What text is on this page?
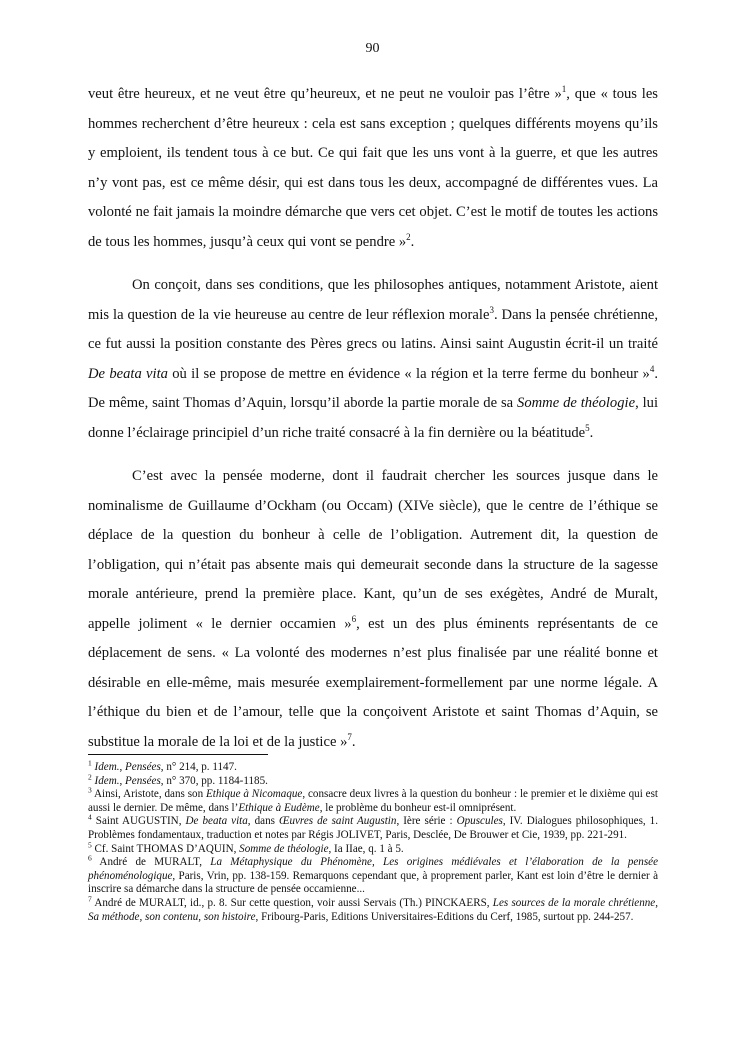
90

veut être heureux, et ne veut être qu’heureux, et ne peut ne vouloir pas l’être »$^1$, que « tous les hommes recherchent d’être heureux : cela est sans exception ; quelques différents moyens qu’ils y emploient, ils tendent tous à ce but. Ce qui fait que les uns vont à la guerre, et que les autres n’y vont pas, est ce même désir, qui est dans tous les deux, accompagné de différentes vues. La volonté ne fait jamais la moindre démarche que vers cet objet. C’est le motif de toutes les actions de tous les hommes, jusqu’à ceux qui vont se pendre »$^2$.

On conçoit, dans ses conditions, que les philosophes antiques, notamment Aristote, aient mis la question de la vie heureuse au centre de leur réflexion morale$^3$. Dans la pensée chrétienne, ce fut aussi la position constante des Pères grecs ou latins. Ainsi saint Augustin écrit-il un traité De beata vita où il se propose de mettre en évidence « la région et la terre ferme du bonheur »$^4$. De même, saint Thomas d’Aquin, lorsqu’il aborde la partie morale de sa Somme de théologie, lui donne l’éclairage principiel d’un riche traité consacré à la fin dernière ou la béatitude$^5$.

C’est avec la pensée moderne, dont il faudrait chercher les sources jusque dans le nominalisme de Guillaume d’Ockham (ou Occam) (XIVe siècle), que le centre de l’éthique se déplace de la question du bonheur à celle de l’obligation. Autrement dit, la question de l’obligation, qui n’était pas absente mais qui demeurait seconde dans la structure de la sagesse morale antérieure, prend la première place. Kant, qu’un de ses exégètes, André de Muralt, appelle joliment « le dernier occamien »$^6$, est un des plus éminents représentants de ce déplacement de sens. « La volonté des modernes n’est plus finalisée par une réalité bonne et désirable en elle-même, mais mesurée exemplairement-formellement par une norme légale. A l’éthique du bien et de l’amour, telle que la conçoivent Aristote et saint Thomas d’Aquin, se substitue la morale de la loi et de la justice »$^7$.

$^1$ Idem., Pensées, n° 214, p. 1147.

$^2$ Idem., Pensées, n° 370, pp. 1184-1185.

$^3$ Ainsi, Aristote, dans son Ethique à Nicomaque, consacre deux livres à la question du bonheur : le premier et le dixième qui est aussi le dernier. De même, dans l’Ethique à Eudème, le problème du bonheur est-il omniprésent.

$^4$ Saint AUGUSTIN, De beata vita, dans Œuvres de saint Augustin, Ière série : Opuscules, IV. Dialogues philosophiques, 1. Problèmes fondamentaux, traduction et notes par Régis JOLIVET, Paris, Desclée, De Brouwer et Cie, 1939, pp. 221-291.

$^5$ Cf. Saint THOMAS D’AQUIN, Somme de théologie, Ia IIae, q. 1 à 5.

$^6$ André de MURALT, La Métaphysique du Phénomène, Les origines médiévales et l’élaboration de la pensée phénoménologique, Paris, Vrin, pp. 138-159. Remarquons cependant que, à proprement parler, Kant est loin d’être le dernier à inscrire sa démarche dans la structure de pensée occamienne...

$^7$ André de MURALT, id., p. 8. Sur cette question, voir aussi Servais (Th.) PINCKAERS, Les sources de la morale chrétienne, Sa méthode, son contenu, son histoire, Fribourg-Paris, Editions Universitaires-Editions du Cerf, 1985, surtout pp. 244-257.
